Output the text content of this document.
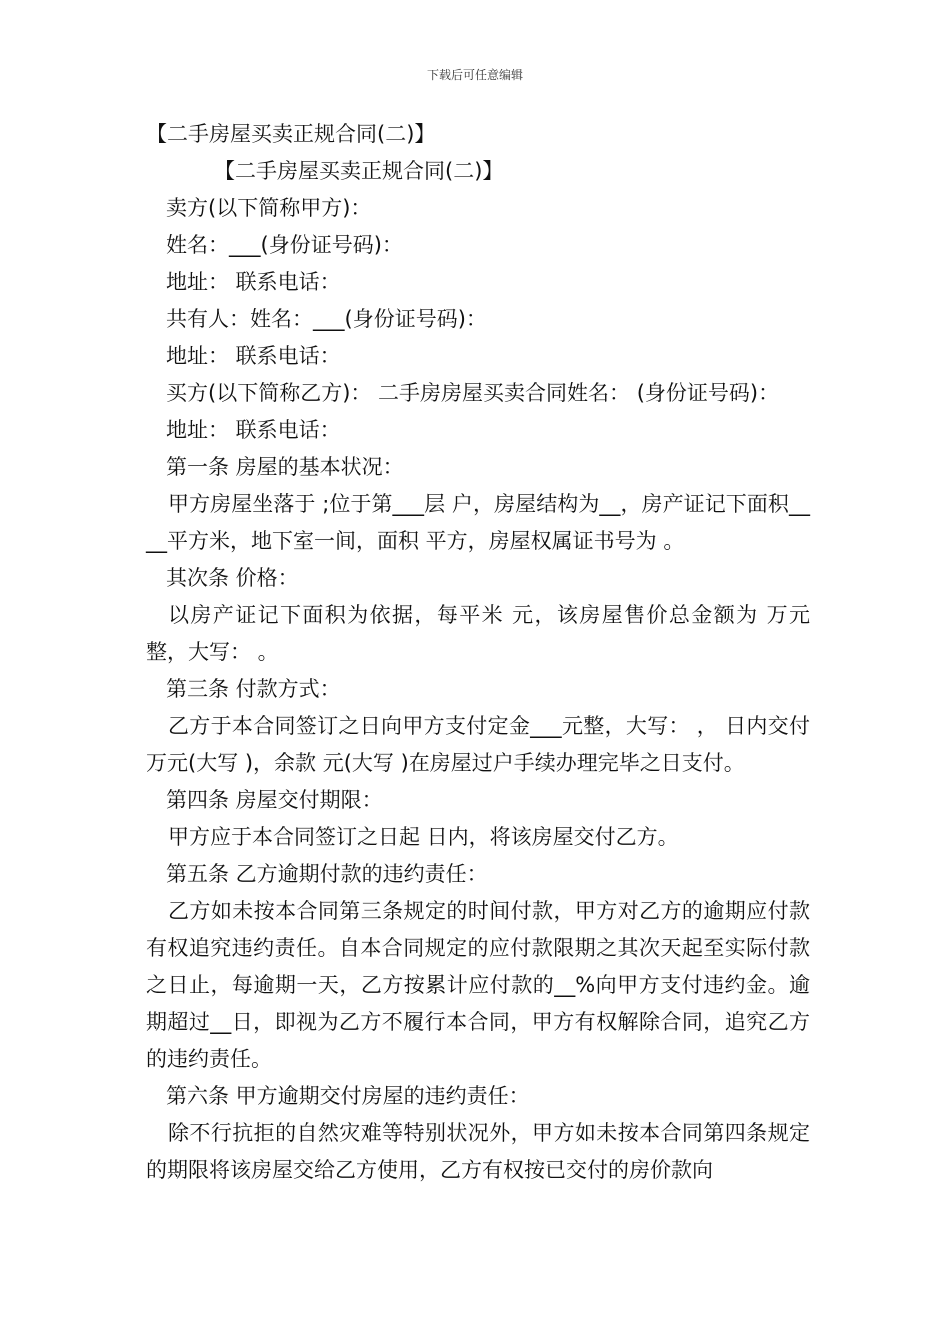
下载后可任意编辑

【二手房屋买卖正规合同(二)】

【二手房屋买卖正规合同(二)】

卖方(以下简称甲方)：

姓名：___(身份证号码)：

地址： 联系电话：

共有人：姓名：___(身份证号码)：

地址： 联系电话：

买方(以下简称乙方)： 二手房房屋买卖合同姓名： (身份证号码)：

地址： 联系电话：

第一条 房屋的基本状况：

甲方房屋坐落于 ;位于第___层 户，房屋结构为__，房产证记下面积____平方米，地下室一间，面积 平方，房屋权属证书号为 。

其次条 价格：

以房产证记下面积为依据，每平米 元，该房屋售价总金额为 万元整，大写： 。

第三条 付款方式：

乙方于本合同签订之日向甲方支付定金___元整，大写： ， 日内交付 万元(大写 )，余款 元(大写 )在房屋过户手续办理完毕之日支付。

第四条 房屋交付期限：

甲方应于本合同签订之日起 日内，将该房屋交付乙方。

第五条 乙方逾期付款的违约责任：

乙方如未按本合同第三条规定的时间付款，甲方对乙方的逾期应付款有权追究违约责任。自本合同规定的应付款限期之其次天起至实际付款之日止，每逾期一天，乙方按累计应付款的__%向甲方支付违约金。逾期超过__日，即视为乙方不履行本合同，甲方有权解除合同，追究乙方的违约责任。

第六条 甲方逾期交付房屋的违约责任：

除不行抗拒的自然灾难等特别状况外，甲方如未按本合同第四条规定的期限将该房屋交给乙方使用，乙方有权按已交付的房价款向
